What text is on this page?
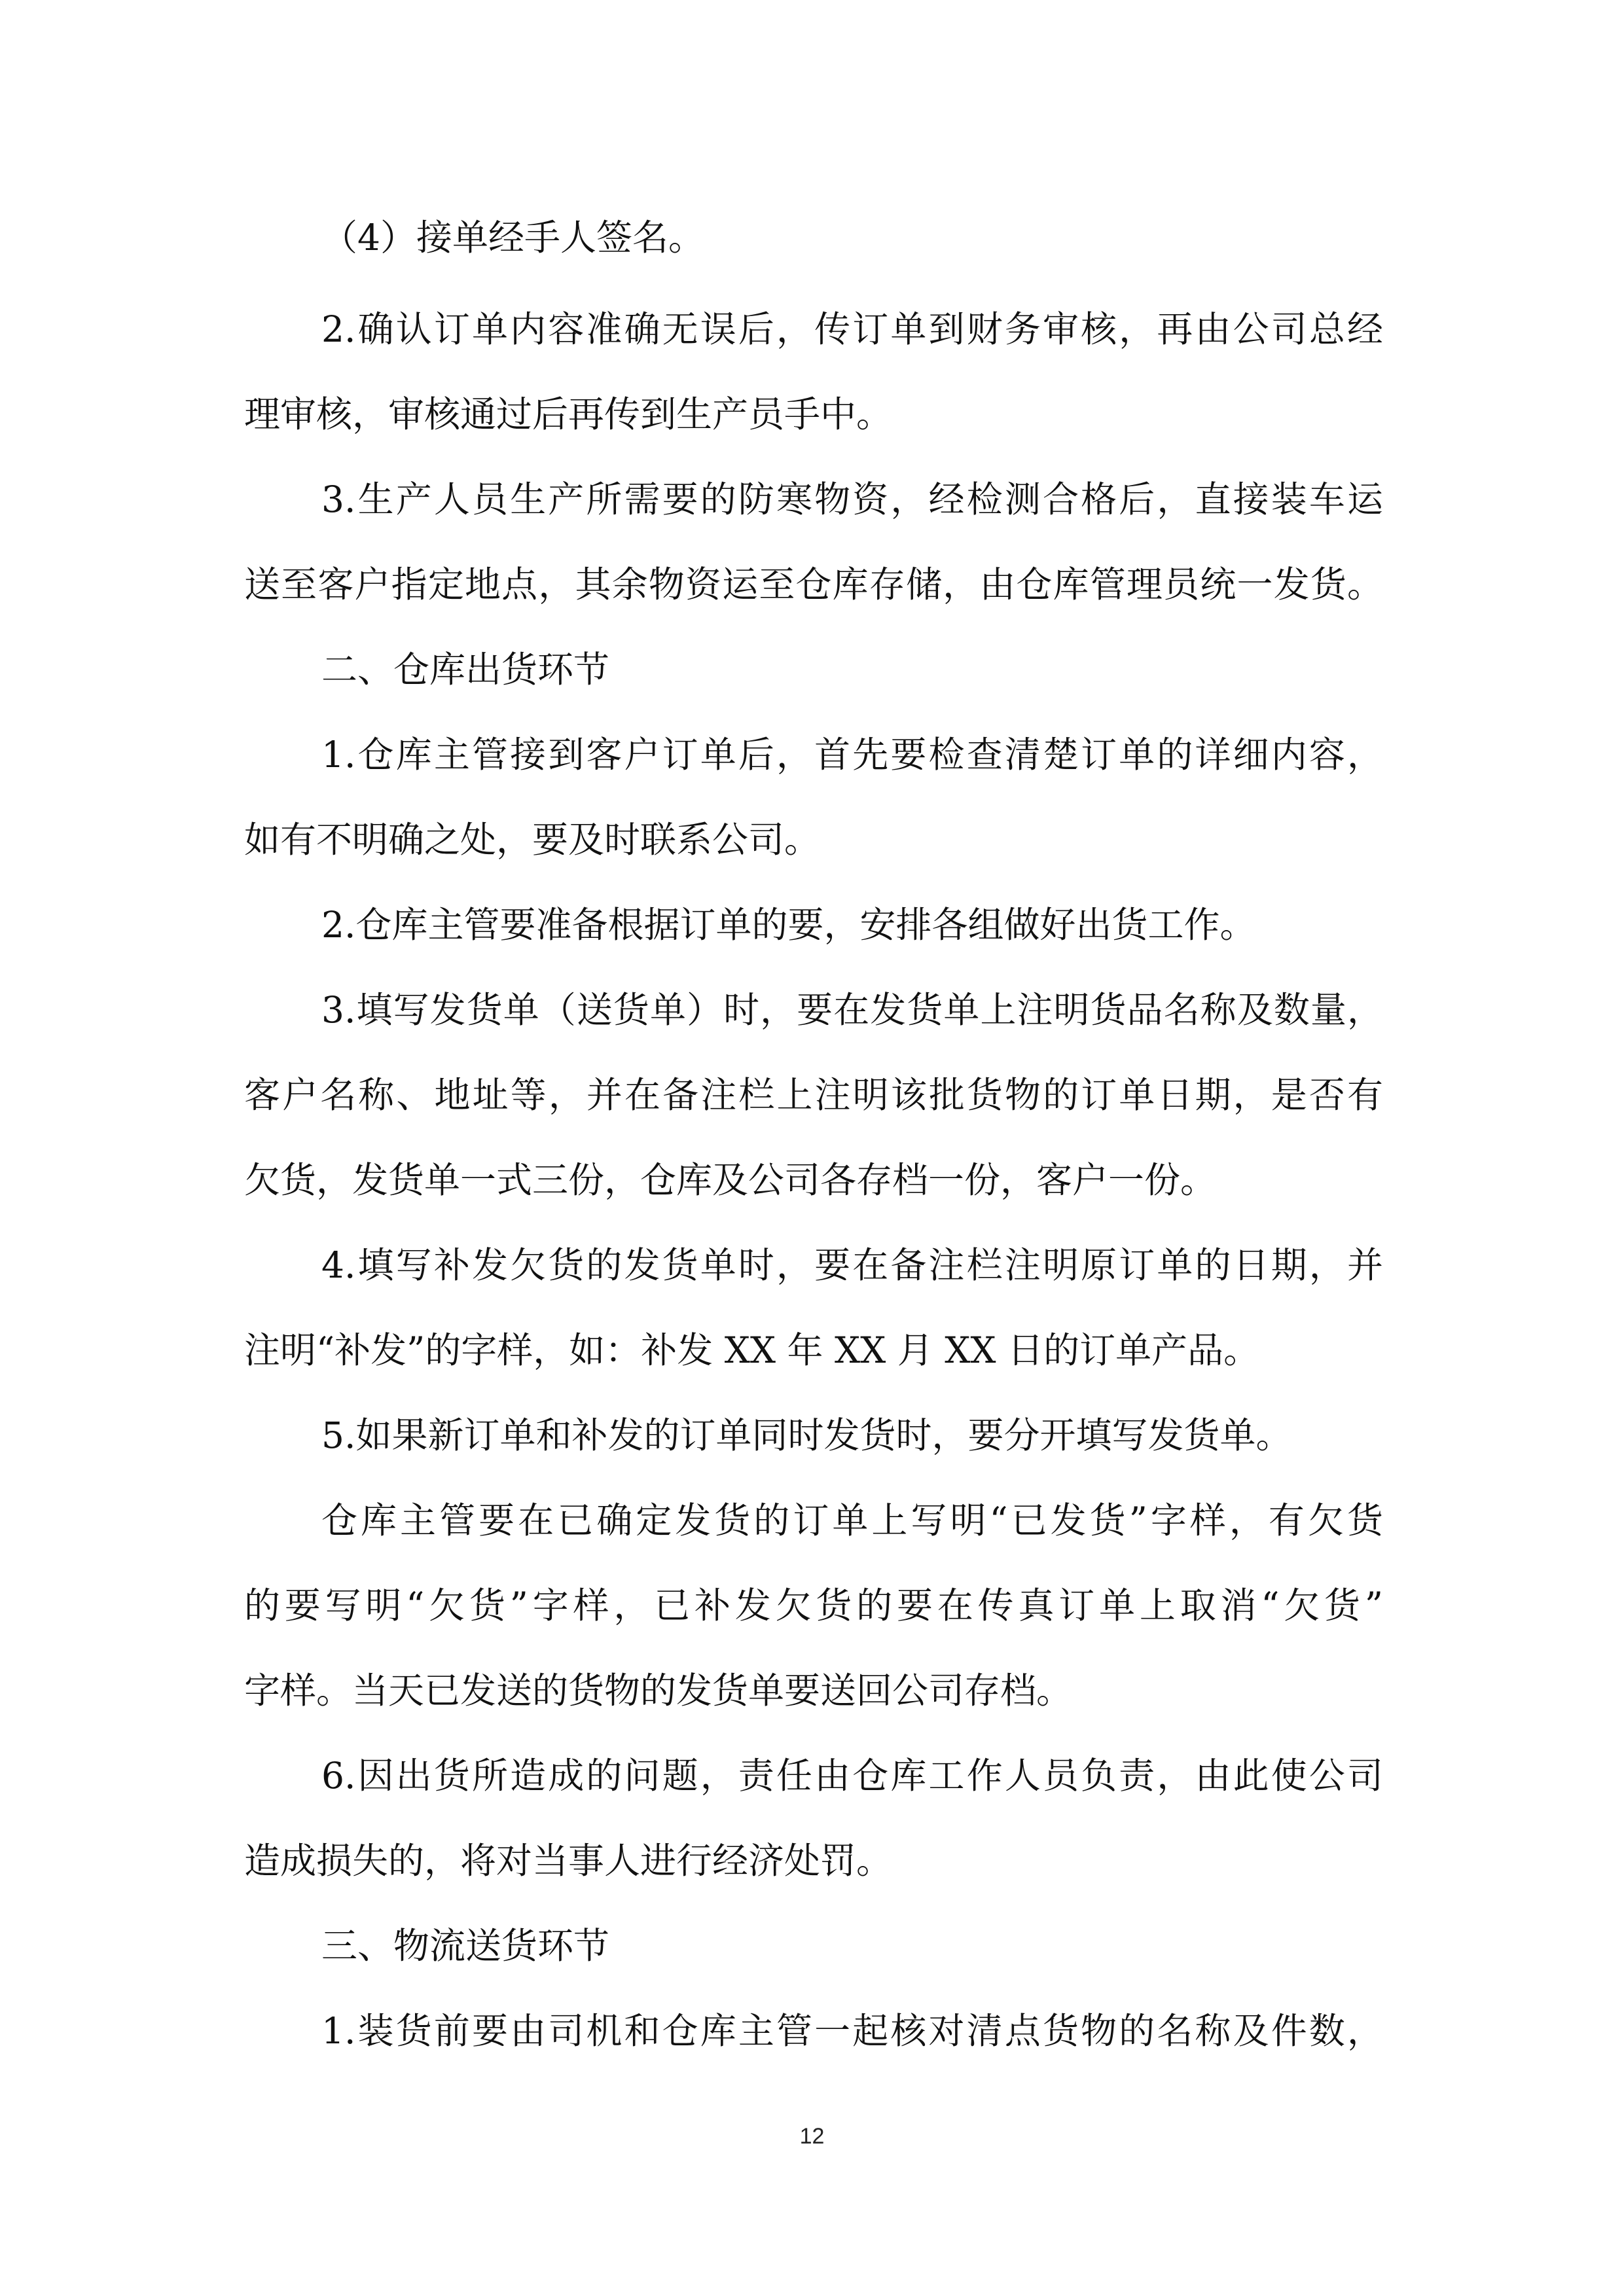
（4）接单经手人签名。
2.确认订单内容准确无误后，传订单到财务审核，再由公司总经
理审核，审核通过后再传到生产员手中。
3.生产人员生产所需要的防寒物资，经检测合格后，直接装车运
送至客户指定地点，其余物资运至仓库存储，由仓库管理员统一发货。
二、仓库出货环节
1.仓库主管接到客户订单后，首先要检查清楚订单的详细内容，
如有不明确之处，要及时联系公司。
2.仓库主管要准备根据订单的要，安排各组做好出货工作。
3.填写发货单（送货单）时，要在发货单上注明货品名称及数量，
客户名称、地址等，并在备注栏上注明该批货物的订单日期，是否有
欠货，发货单一式三份，仓库及公司各存档一份，客户一份。
4.填写补发欠货的发货单时，要在备注栏注明原订单的日期，并
注明“补发”的字样，如：补发 XX 年 XX 月 XX 日的订单产品。
5.如果新订单和补发的订单同时发货时，要分开填写发货单。
仓库主管要在已确定发货的订单上写明“已发货”字样，有欠货
的要写明“欠货”字样，已补发欠货的要在传真订单上取消“欠货”
字样。当天已发送的货物的发货单要送回公司存档。
6.因出货所造成的问题，责任由仓库工作人员负责，由此使公司
造成损失的，将对当事人进行经济处罚。
三、物流送货环节
1.装货前要由司机和仓库主管一起核对清点货物的名称及件数，
12
